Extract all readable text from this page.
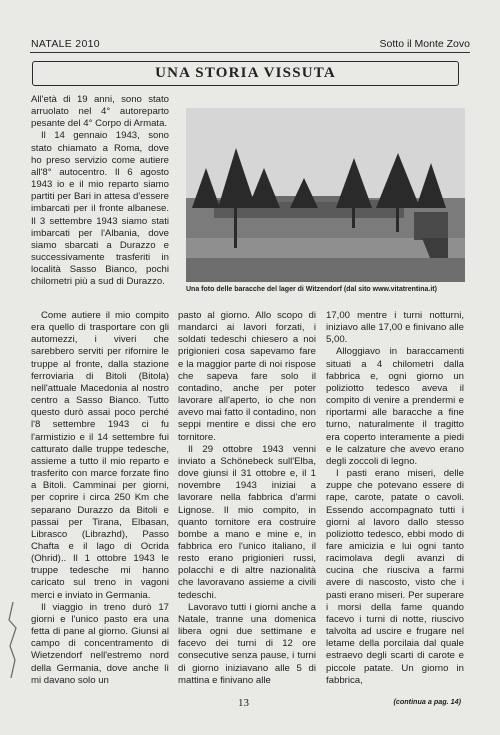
NATALE 2010	Sotto il Monte Zovo
UNA STORIA VISSUTA

All'età di 19 anni, sono stato arruolato nel 4° autoreparto pesante del 4° Corpo di Armata.

Il 14 gennaio 1943, sono stato chiamato a Roma, dove ho preso servizio come autiere all'8° autocentro. Il 6 agosto 1943 io e il mio reparto siamo partiti per Bari in attesa d'essere imbarcati per il fronte albanese. Il 3 settembre 1943 siamo stati imbarcati per l'Albania, dove siamo sbarcati a Durazzo e successivamente trasferiti in località Sasso Bianco, pochi chilometri più a sud di Durazzo.

Una foto delle baracche del lager di Witzendorf (dal sito www.vitatrentina.it)

Come autiere il mio compito era quello di trasportare con gli automezzi, i viveri che sarebbero serviti per rifornire le truppe al fronte, dalla stazione ferroviaria di Bitoli (Bitola) nell'attuale Macedonia al nostro centro a Sasso Bianco. Tutto questo durò assai poco perché l'8 settembre 1943 ci fu l'armistizio e il 14 settembre fui catturato dalle truppe tedesche, assieme a tutto il mio reparto e trasferito con marce forzate fino a Bitoli. Camminai per giorni, per coprire i circa 250 Km che separano Durazzo da Bitoli e passai per Tirana, Elbasan, Librasco (Librazhd), Passo Chafta e il lago di Ocrida (Ohrid).. Il 1 ottobre 1943 le truppe tedesche mi hanno caricato sul treno in vagoni merci e inviato in Germania.

Il viaggio in treno durò 17 giorni e l'unico pasto era una fetta di pane al giorno. Giunsi al campo di concentramento di Wietzendorf nell'estremo nord della Germania, dove anche lì mi davano solo un

pasto al giorno. Allo scopo di mandarci ai lavori forzati, i soldati tedeschi chiesero a noi prigionieri cosa sapevamo fare e la maggior parte di noi rispose che sapeva fare solo il contadino, anche per poter lavorare all'aperto, io che non avevo mai fatto il contadino, non seppi mentire e dissi che ero tornitore.

Il 29 ottobre 1943 venni inviato a Schönebeck sull'Elba, dove giunsi il 31 ottobre e, il 1 novembre 1943 iniziai a lavorare nella fabbrica d'armi Lignose. Il mio compito, in quanto tornitore era costruire bombe a mano e mine e, in fabbrica ero l'unico italiano, il resto erano prigionieri russi, polacchi e di altre nazionalità che lavoravano assieme a civili tedeschi.

Lavoravo tutti i giorni anche a Natale, tranne una domenica libera ogni due settimane e facevo dei turni di 12 ore consecutive senza pause, i turni di giorno iniziavano alle 5 di mattina e finivano alle

17,00 mentre i turni notturni, iniziavo alle 17,00 e finivano alle 5,00.

Alloggiavo in baraccamenti situati a 4 chilometri dalla fabbrica e, ogni giorno un poliziotto tedesco aveva il compito di venire a prendermi e riportarmi alle baracche a fine turno, naturalmente il tragitto era coperto interamente a piedi e le calzature che avevo erano degli zoccoli di legno.

I pasti erano miseri, delle zuppe che potevano essere di rape, carote, patate o cavoli. Essendo accompagnato tutti i giorni al lavoro dallo stesso poliziotto tedesco, ebbi modo di fare amicizia e lui ogni tanto racimolava degli avanzi di cucina che riusciva a farmi avere di nascosto, visto che i pasti erano miseri. Per superare i morsi della fame quando facevo i turni di notte, riuscivo talvolta ad uscire e frugare nel letame della porcilaia dal quale estraevo degli scarti di carote e piccole patate. Un giorno in fabbrica,

(continua a pag. 14)
13
